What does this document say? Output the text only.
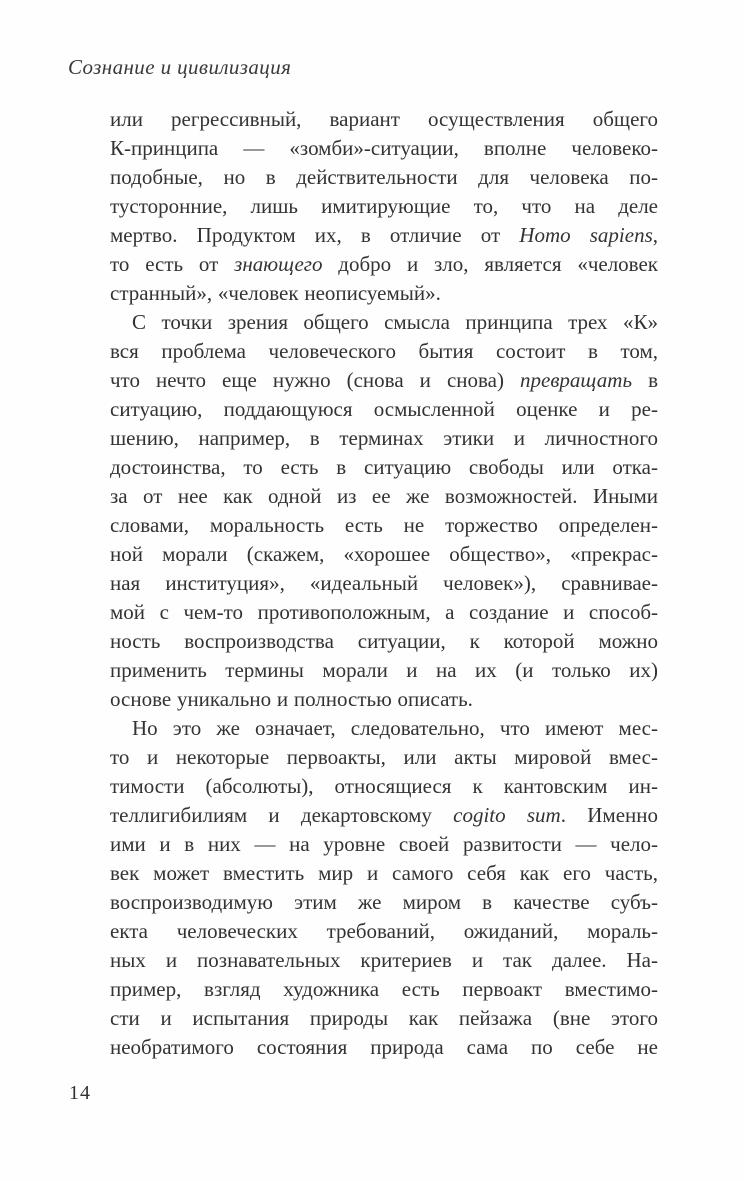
Сознание и цивилизация
или регрессивный, вариант осуществления общего
К-принципа — «зомби»-ситуации, вполне человеко-
подобные, но в действительности для человека по-
тусторонние, лишь имитирующие то, что на деле
мертво. Продуктом их, в отличие от Homo sapiens,
то есть от знающего добро и зло, является «человек
странный», «человек неописуемый».
С точки зрения общего смысла принципа трех «К»
вся проблема человеческого бытия состоит в том,
что нечто еще нужно (снова и снова) превращать в
ситуацию, поддающуюся осмысленной оценке и ре-
шению, например, в терминах этики и личностного
достоинства, то есть в ситуацию свободы или отка-
за от нее как одной из ее же возможностей. Иными
словами, моральность есть не торжество определен-
ной морали (скажем, «хорошее общество», «прекрас-
ная институция», «идеальный человек»), сравнивае-
мой с чем-то противоположным, а создание и способ-
ность воспроизводства ситуации, к которой можно
применить термины морали и на их (и только их)
основе уникально и полностью описать.
Но это же означает, следовательно, что имеют мес-
то и некоторые первоакты, или акты мировой вмес-
тимости (абсолюты), относящиеся к кантовским ин-
теллигибилиям и декартовскому cogito sum. Именно
ими и в них — на уровне своей развитости — чело-
век может вместить мир и самого себя как его часть,
воспроизводимую этим же миром в качестве субъ-
екта человеческих требований, ожиданий, мораль-
ных и познавательных критериев и так далее. На-
пример, взгляд художника есть первоакт вместимо-
сти и испытания природы как пейзажа (вне этого
необратимого состояния природа сама по себе не
14
